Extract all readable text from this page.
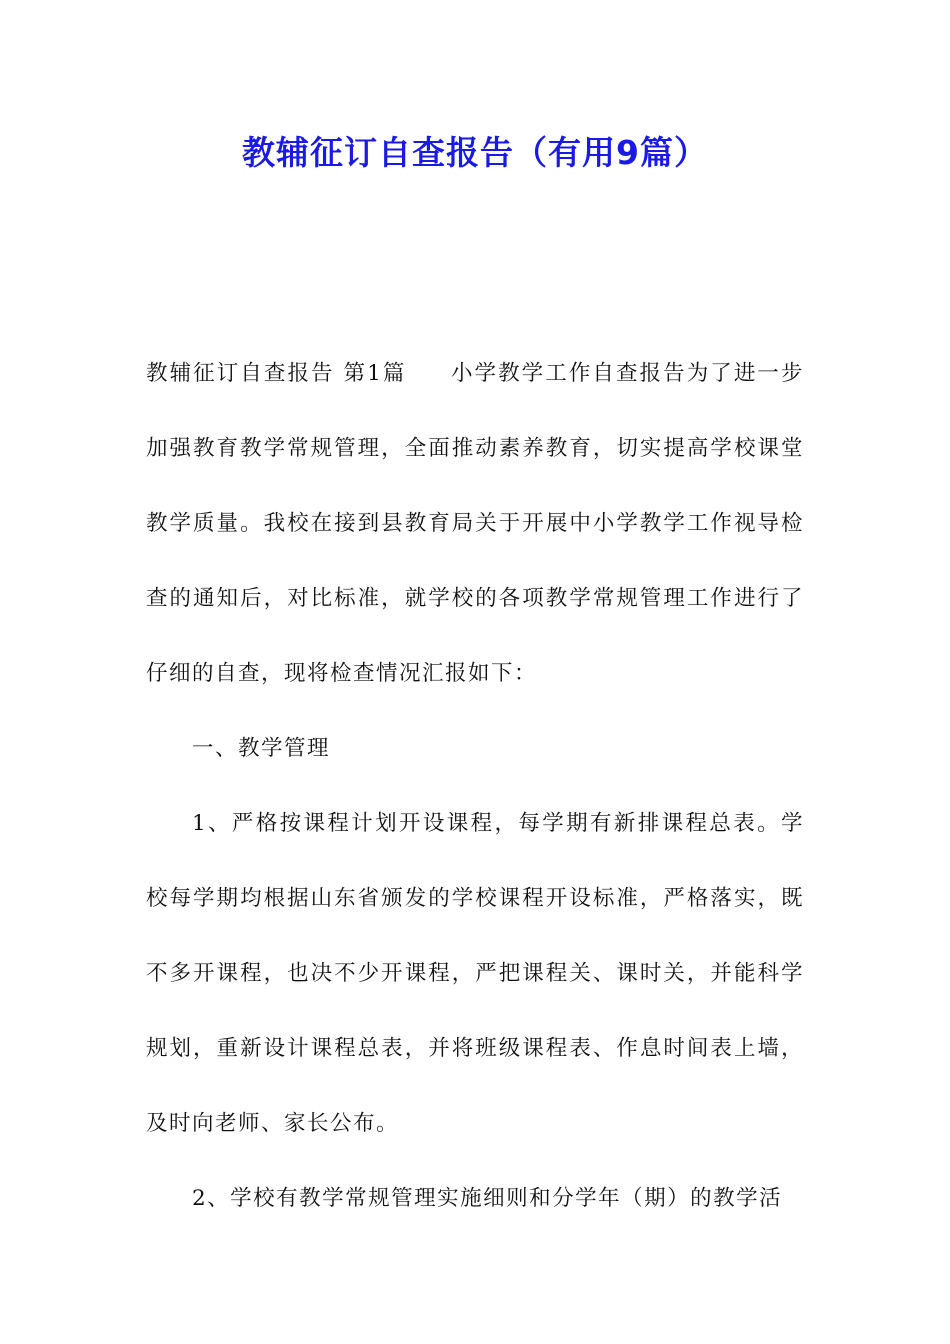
教辅征订自查报告（有用9篇）

教辅征订自查报告 第1篇 小学教学工作自查报告为了进一步加强教育教学常规管理，全面推动素养教育，切实提高学校课堂教学质量。我校在接到县教育局关于开展中小学教学工作视导检查的通知后，对比标准，就学校的各项教学常规管理工作进行了仔细的自查，现将检查情况汇报如下：

一、教学管理

1、严格按课程计划开设课程，每学期有新排课程总表。学校每学期均根据山东省颁发的学校课程开设标准，严格落实，既不多开课程，也决不少开课程，严把课程关、课时关，并能科学规划，重新设计课程总表，并将班级课程表、作息时间表上墙，及时向老师、家长公布。

2、学校有教学常规管理实施细则和分学年（期）的教学活
